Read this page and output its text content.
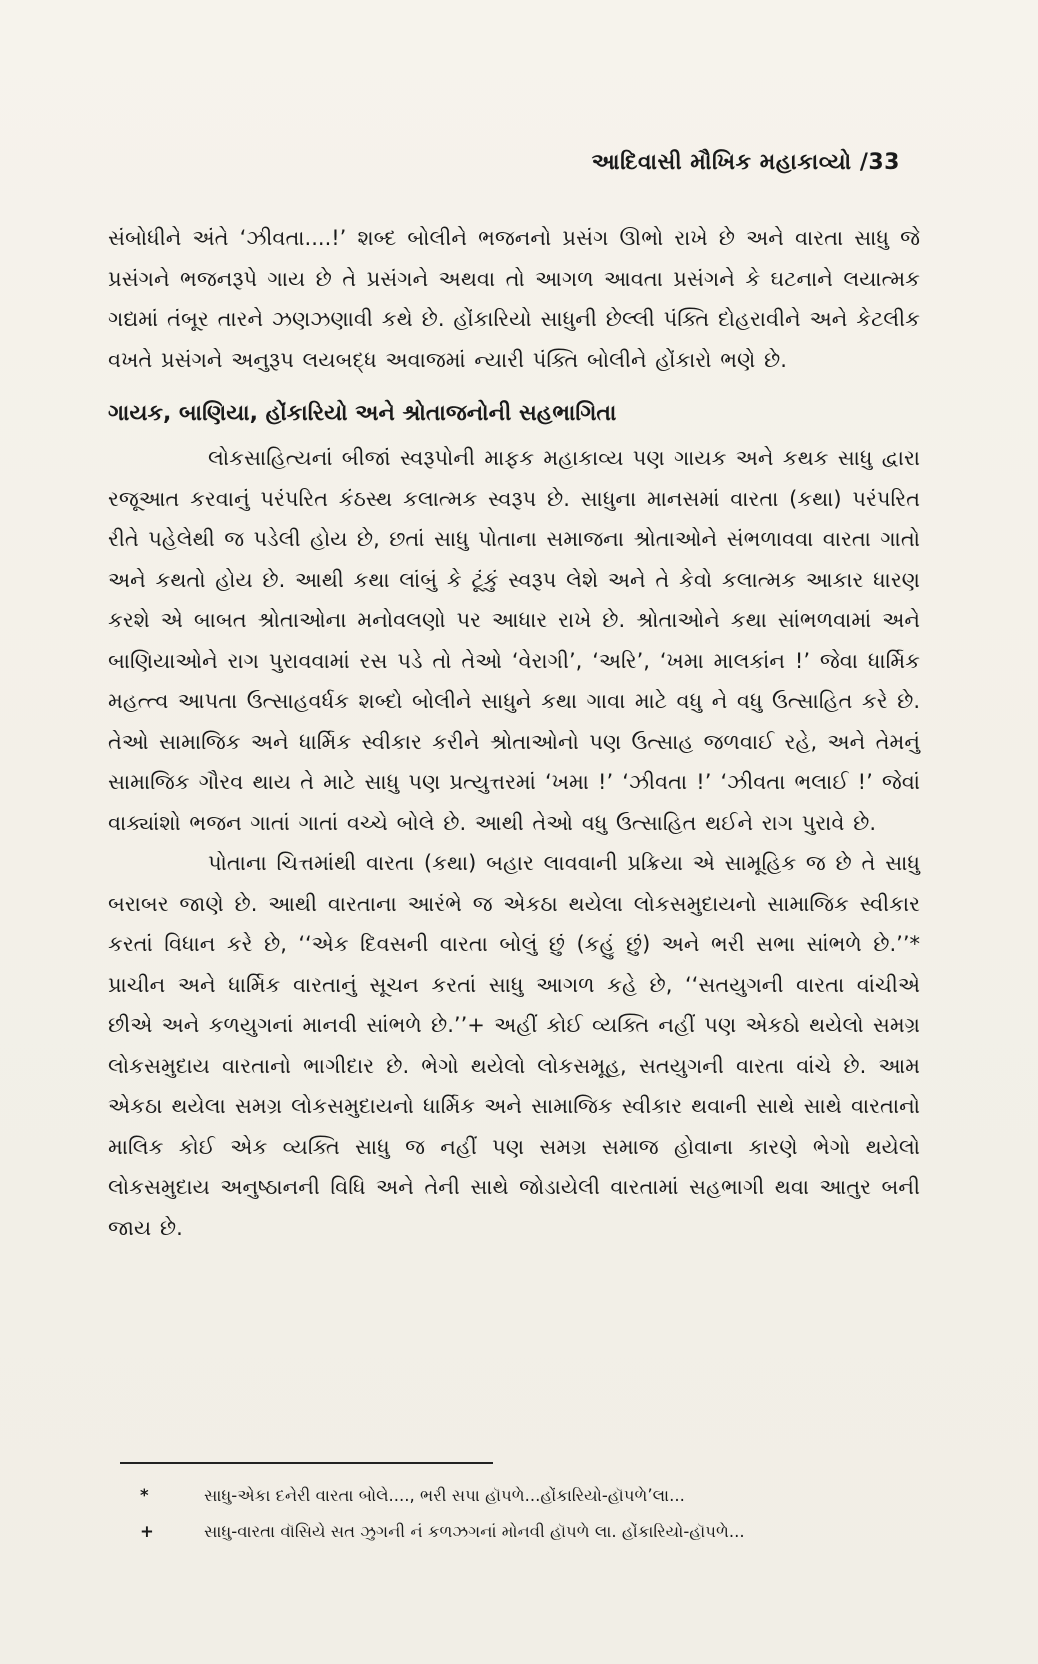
આદિવાસી મૌખિક મહાકાવ્યો /33

સંબોધીને અંતે ‘ઝીવતા....!’ શબ્દ બોલીને ભજનનો પ્રસંગ ઊભો રાખે છે અને વારતા સાધુ જે પ્રસંગને ભજનરૂપે ગાય છે તે પ્રસંગને અથવા તો આગળ આવતા પ્રસંગને કે ઘટનાને લયાત્મક ગદ્યમાં તંબૂર તારને ઝણઝણાવી કથે છે. હોંકારિયો સાધુની છેલ્લી પંક્તિ દોહરાવીને અને કેટલીક વખતે પ્રસંગને અનુરૂપ લયબદ્ધ અવાજમાં ન્યારી પંક્તિ બોલીને હોંકારો ભણે છે.

ગાયક, બાણિયા, હોંકારિયો અને શ્રોતાજનોની સહભાગિતા

લોકસાહિત્યનાં બીજાં સ્વરૂપોની માફક મહાકાવ્ય પણ ગાયક અને કથક સાધુ દ્વારા રજૂઆત કરવાનું પરંપરિત કંઠસ્થ કલાત્મક સ્વરૂપ છે. સાધુના માનસમાં વારતા (કથા) પરંપરિત રીતે પહેલેથી જ પડેલી હોય છે, છતાં સાધુ પોતાના સમાજના શ્રોતાઓને સંભળાવવા વારતા ગાતો અને કથતો હોય છે. આથી કથા લાંબું કે ટૂંકું સ્વરૂપ લેશે અને તે કેવો કલાત્મક આકાર ધારણ કરશે એ બાબત શ્રોતાઓના મનોવલણો પર આધાર રાખે છે. શ્રોતાઓને કથા સાંભળવામાં અને બાણિયાઓને રાગ પુરાવવામાં રસ પડે તો તેઓ ‘વેરાગી’, ‘અરિ’, ‘ખમા માલકાંન !’ જેવા ધાર્મિક મહત્ત્વ આપતા ઉત્સાહવર્ધક શબ્દો બોલીને સાધુને કથા ગાવા માટે વધુ ને વધુ ઉત્સાહિત કરે છે. તેઓ સામાજિક અને ધાર્મિક સ્વીકાર કરીને શ્રોતાઓનો પણ ઉત્સાહ જળવાઈ રહે, અને તેમનું સામાજિક ગૌરવ થાય તે માટે સાધુ પણ પ્રત્યુત્તરમાં ‘ખમા !’ ‘ઝીવતા !’ ‘ઝીવતા ભલાઈ !’ જેવાં વાક્યાંશો ભજન ગાતાં ગાતાં વચ્ચે બોલે છે. આથી તેઓ વધુ ઉત્સાહિત થઈને રાગ પુરાવે છે.

પોતાના ચિત્તમાંથી વારતા (કથા) બહાર લાવવાની પ્રક્રિયા એ સામૂહિક જ છે તે સાધુ બરાબર જાણે છે. આથી વારતાના આરંભે જ એકઠા થયેલા લોકસમુદાયનો સામાજિક સ્વીકાર કરતાં વિધાન કરે છે, ‘‘એક દિવસની વારતા બોલું છું (કહું છું) અને ભરી સભા સાંભળે છે.’’* પ્રાચીન અને ધાર્મિક વારતાનું સૂચન કરતાં સાધુ આગળ કહે છે, ‘‘સતયુગની વારતા વાંચીએ છીએ અને કળયુગનાં માનવી સાંભળે છે.’’+ અહીં કોઈ વ્યક્તિ નહીં પણ એકઠો થયેલો સમગ્ર લોકસમુદાય વારતાનો ભાગીદાર છે. ભેગો થયેલો લોકસમૂહ, સતયુગની વારતા વાંચે છે. આમ એકઠા થયેલા સમગ્ર લોકસમુદાયનો ધાર્મિક અને સામાજિક સ્વીકાર થવાની સાથે સાથે વારતાનો માલિક કોઈ એક વ્યક્તિ સાધુ જ નહીં પણ સમગ્ર સમાજ હોવાના કારણે ભેગો થયેલો લોકસમુદાય અનુષ્ઠાનની વિધિ અને તેની સાથે જોડાયેલી વારતામાં સહભાગી થવા આતુર બની જાય છે.

*	સાધુ-એકા દનેરી વારતા બોલે...., ભરી સપા હૉપળે...હોંકારિયો-હૉપળે’લા...
+	સાધુ-વારતા વૉસિયે સત ઝુગની નં કળઝગનાં મોનવી હૉપળે લા. હોંકારિયો-હૉપળે...
